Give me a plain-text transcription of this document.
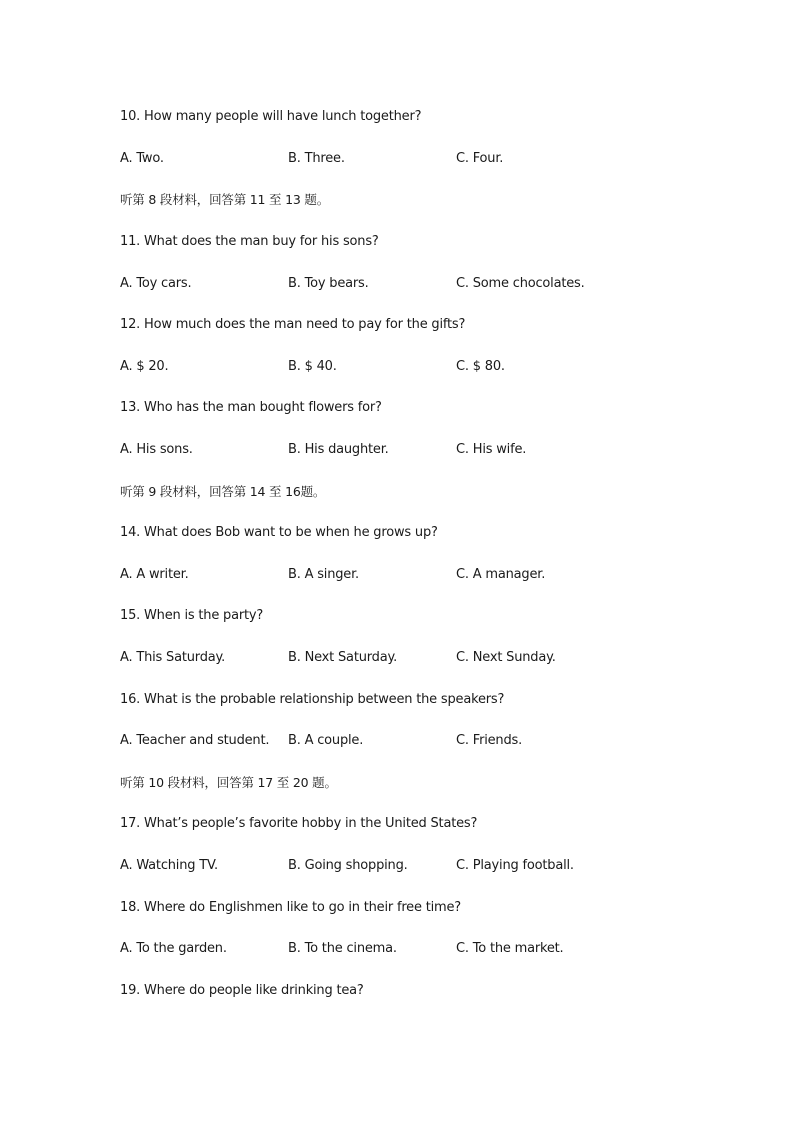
10. How many people will have lunch together?
A. Two.	B. Three.	C. Four.
听第 8 段材料，回答第 11 至 13 题。
11. What does the man buy for his sons?
A. Toy cars.	B. Toy bears.	C. Some chocolates.
12. How much does the man need to pay for the gifts?
A. $ 20.	B. $ 40.	C. $ 80.
13. Who has the man bought flowers for?
A. His sons.	B. His daughter.	C. His wife.
听第 9 段材料，回答第 14 至 16题。
14. What does Bob want to be when he grows up?
A. A writer.	B. A singer.	C. A manager.
15. When is the party?
A. This Saturday.	B. Next Saturday.	C. Next Sunday.
16. What is the probable relationship between the speakers?
A. Teacher and student. B. A couple.	C. Friends.
听第 10 段材料，回答第 17 至 20 题。
17. What’s people’s favorite hobby in the United States?
A. Watching TV.	B. Going shopping.	C. Playing football.
18. Where do Englishmen like to go in their free time?
A. To the garden.	B. To the cinema.	C. To the market.
19. Where do people like drinking tea?
